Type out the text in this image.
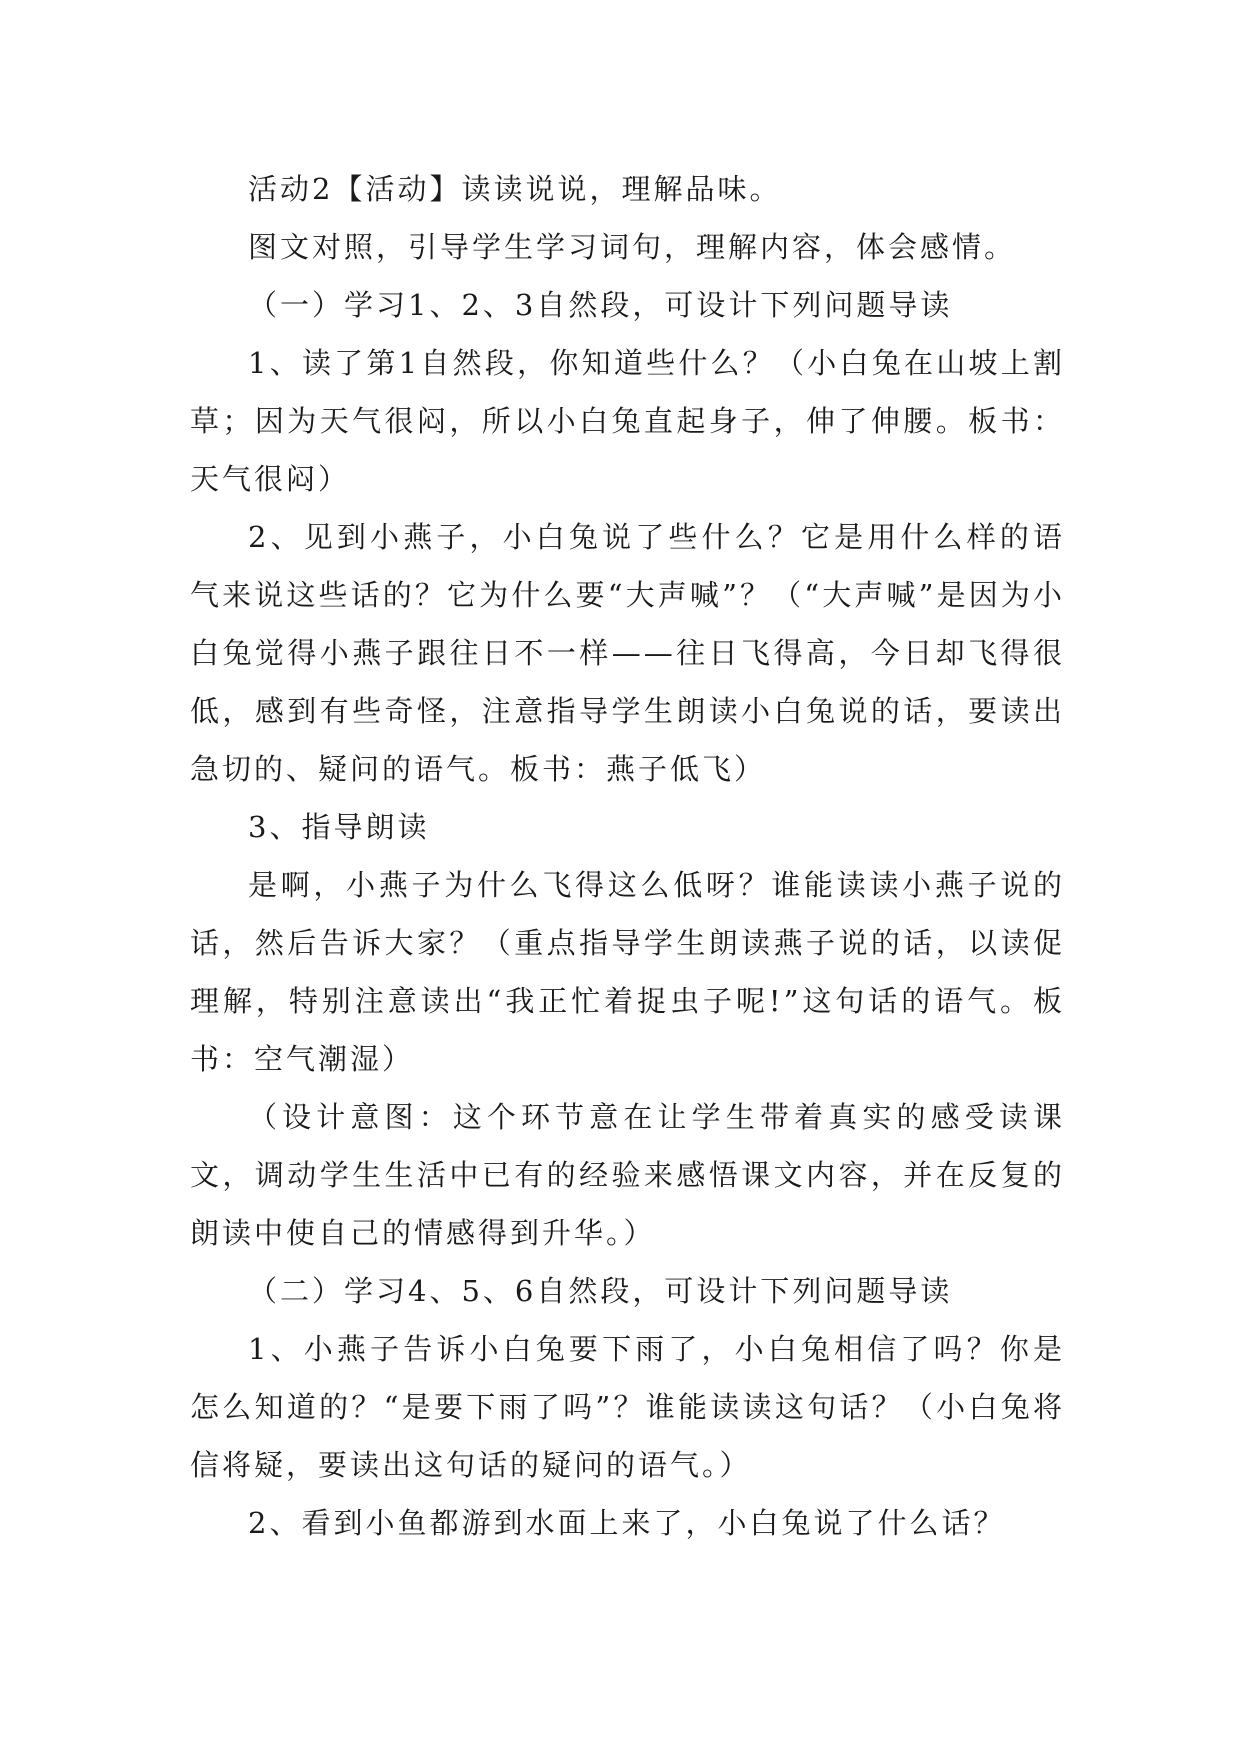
活动2【活动】读读说说，理解品味。

图文对照，引导学生学习词句，理解内容，体会感情。

（一）学习1、2、3自然段，可设计下列问题导读

1、读了第1自然段，你知道些什么？（小白兔在山坡上割草；因为天气很闷，所以小白兔直起身子，伸了伸腰。板书：天气很闷）

2、见到小燕子，小白兔说了些什么？它是用什么样的语气来说这些话的？它为什么要“大声喊”？（“大声喊”是因为小白兔觉得小燕子跟往日不一样——往日飞得高，今日却飞得很低，感到有些奇怪，注意指导学生朗读小白兔说的话，要读出急切的、疑问的语气。板书：燕子低飞）

3、指导朗读

是啊，小燕子为什么飞得这么低呀？谁能读读小燕子说的话，然后告诉大家？（重点指导学生朗读燕子说的话，以读促理解，特别注意读出“我正忙着捉虫子呢!”这句话的语气。板书：空气潮湿）

（设计意图：这个环节意在让学生带着真实的感受读课文，调动学生生活中已有的经验来感悟课文内容，并在反复的朗读中使自己的情感得到升华。）

（二）学习4、5、6自然段，可设计下列问题导读

1、小燕子告诉小白兔要下雨了，小白兔相信了吗？你是怎么知道的？“是要下雨了吗”？谁能读读这句话？（小白兔将信将疑，要读出这句话的疑问的语气。）

2、看到小鱼都游到水面上来了，小白兔说了什么话？
